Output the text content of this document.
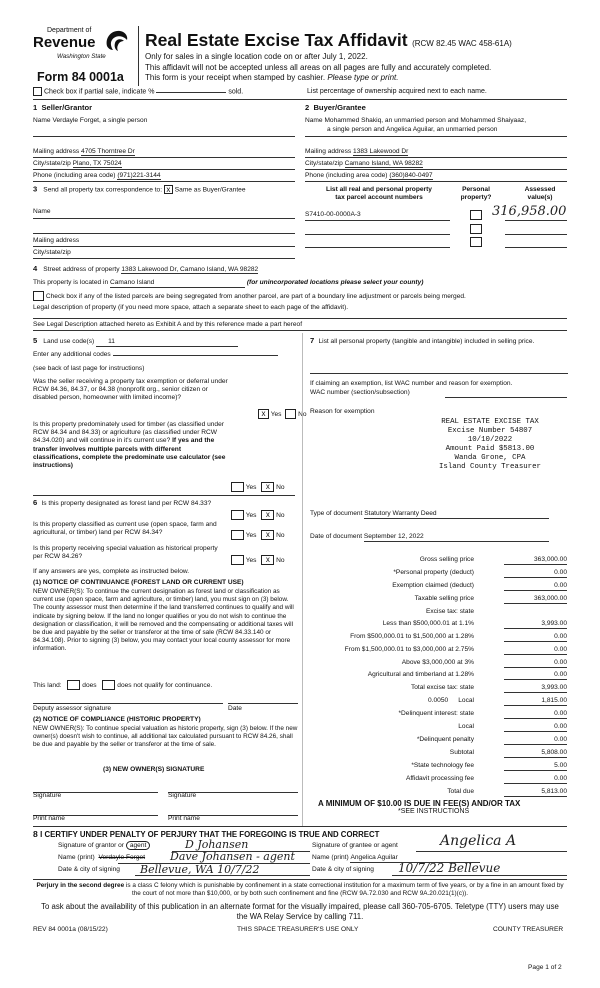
Department of
Revenue
Washington State
Form 84 0001a
Real Estate Excise Tax Affidavit (RCW 82.45 WAC 458-61A)
Only for sales in a single location code on or after July 1, 2022.
This affidavit will not be accepted unless all areas on all pages are fully and accurately completed.
This form is your receipt when stamped by cashier. Please type or print.
Check box if partial sale, indicate %	sold.	List percentage of ownership acquired next to each name.
1  Seller/Grantor
Name Verdayle Forget, a single person
Mailing address 4705 Thorntree Dr
City/state/zip Plano, TX 75024
Phone (including area code) (971)221-3144
2  Buyer/Grantee
Name Mohammed Shakiq, an unmarried person and Mohammed Shaiyaaz,
a single person and Angelica Aguilar, an unmarried person
Mailing address 1383 Lakewood Dr
City/state/zip Camano Island, WA 98282
Phone (including area code) (360)840-0497
3   Send all property tax correspondence to: x Same as Buyer/Grantee
Name
Mailing address
City/state/zip
List all real and personal property
tax parcel account numbers
Personal
property?
Assessed
value(s)
S7410-00-0000A-3	316,958.00
4   Street address of property 1383 Lakewood Dr, Camano Island, WA 98282
This property is located in Camano Island	(for unincorporated locations please select your county)
Check box if any of the listed parcels are being segregated from another parcel, are part of a boundary line adjustment or parcels being merged.
Legal description of property (if you need more space, attach a separate sheet to each page of the affidavit).
See Legal Description attached hereto as Exhibit A and by this reference made a part hereof
5   Land use code(s) 11
Enter any additional codes
(see back of last page for instructions)
Was the seller receiving a property tax exemption or deferral under RCW 84.36, 84.37, or 84.38 (nonprofit org., senior citizen or disabled person, homeowner with limited income)?
x Yes	No
Is this property predominately used for timber (as classified under RCW 84.34 and 84.33) or agriculture (as classified under RCW 84.34.020) and will continue in it's current use? If yes and the transfer involves multiple parcels with different classifications, complete the predominate use calculator (see instructions)
Yes x No
6  Is this property designated as forest land per RCW 84.33?
Yes x No
Is this property classified as current use (open space, farm and agricultural, or timber) land per RCW 84.34?	Yes x No
Is this property receiving special valuation as historical property per RCW 84.26?
Yes x No
If any answers are yes, complete as instructed below.
(1) NOTICE OF CONTINUANCE (FOREST LAND OR CURRENT USE)
NEW OWNER(S): To continue the current designation as forest land or classification as current use (open space, farm and agriculture, or timber) land, you must sign on (3) below. The county assessor must then determine if the land transferred continues to qualify and will indicate by signing below. If the land no longer qualifies or you do not wish to continue the designation or classification, it will be removed and the compensating or additional taxes will be due and payable by the seller or transferor at the time of sale (RCW 84.33.140 or 84.34.108). Prior to signing (3) below, you may contact your local county assessor for more information.
This land:	does	does not qualify for continuance.
Deputy assessor signature	Date
(2) NOTICE OF COMPLIANCE (HISTORIC PROPERTY)
NEW OWNER(S): To continue special valuation as historic property, sign (3) below. If the new owner(s) doesn't wish to continue, all additional tax calculated pursuant to RCW 84.26, shall be due and payable by the seller or transferor at the time of sale.
(3) NEW OWNER(S) SIGNATURE
Signature	Signature
Print name	Print name
7  List all personal property (tangible and intangible) included in selling price.
If claiming an exemption, list WAC number and reason for exemption.
WAC number (section/subsection)
Reason for exemption
REAL ESTATE EXCISE TAX
Excise Number 54807
10/10/2022
Amount Paid $5813.00
Wanda Grone, CPA
Island County Treasurer
Type of document Statutory Warranty Deed
Date of document September 12, 2022
Gross selling price	363,000.00
*Personal property (deduct)	0.00
Exemption claimed (deduct)	0.00
Taxable selling price	363,000.00
Excise tax: state
Less than $500,000.01 at 1.1%	3,993.00
From $500,000.01 to $1,500,000 at 1.28%	0.00
From $1,500,000.01 to $3,000,000 at 2.75%	0.00
Above $3,000,000 at 3%	0.00
Agricultural and timberland at 1.28%	0.00
Total excise tax: state	3,993.00
Local	1,815.00
*Delinquent interest: state	0.00
Local	0.00
*Delinquent penalty	0.00
Subtotal	5,808.00
*State technology fee	5.00
Affidavit processing fee	0.00
Total due	5,813.00
0.0050
A MINIMUM OF $10.00 IS DUE IN FEE(S) AND/OR TAX
*SEE INSTRUCTIONS
8 I CERTIFY UNDER PENALTY OF PERJURY THAT THE FOREGOING IS TRUE AND CORRECT
Signature of grantor or agent	D Johansen
Name (print) Verdayle Forget Dave Johansen - agent
Date & city of signing Bellevue, WA 10/7/22
Signature of grantee or agent	Angelica A
Name (print) Angelica Aguilar
Date & city of signing 10/7/22 Bellevue
Perjury in the second degree is a class C felony which is punishable by confinement in a state correctional institution for a maximum term of five years, or by a fine in an amount fixed by the court of not more than $10,000, or by both such confinement and fine (RCW 9A.72.030 and RCW 9A.20.021(1)(c)).
To ask about the availability of this publication in an alternate format for the visually impaired, please call 360-705-6705. Teletype (TTY) users may use the WA Relay Service by calling 711.
REV 84 0001a (08/15/22)	THIS SPACE TREASURER'S USE ONLY	COUNTY TREASURER
Page 1 of 2
